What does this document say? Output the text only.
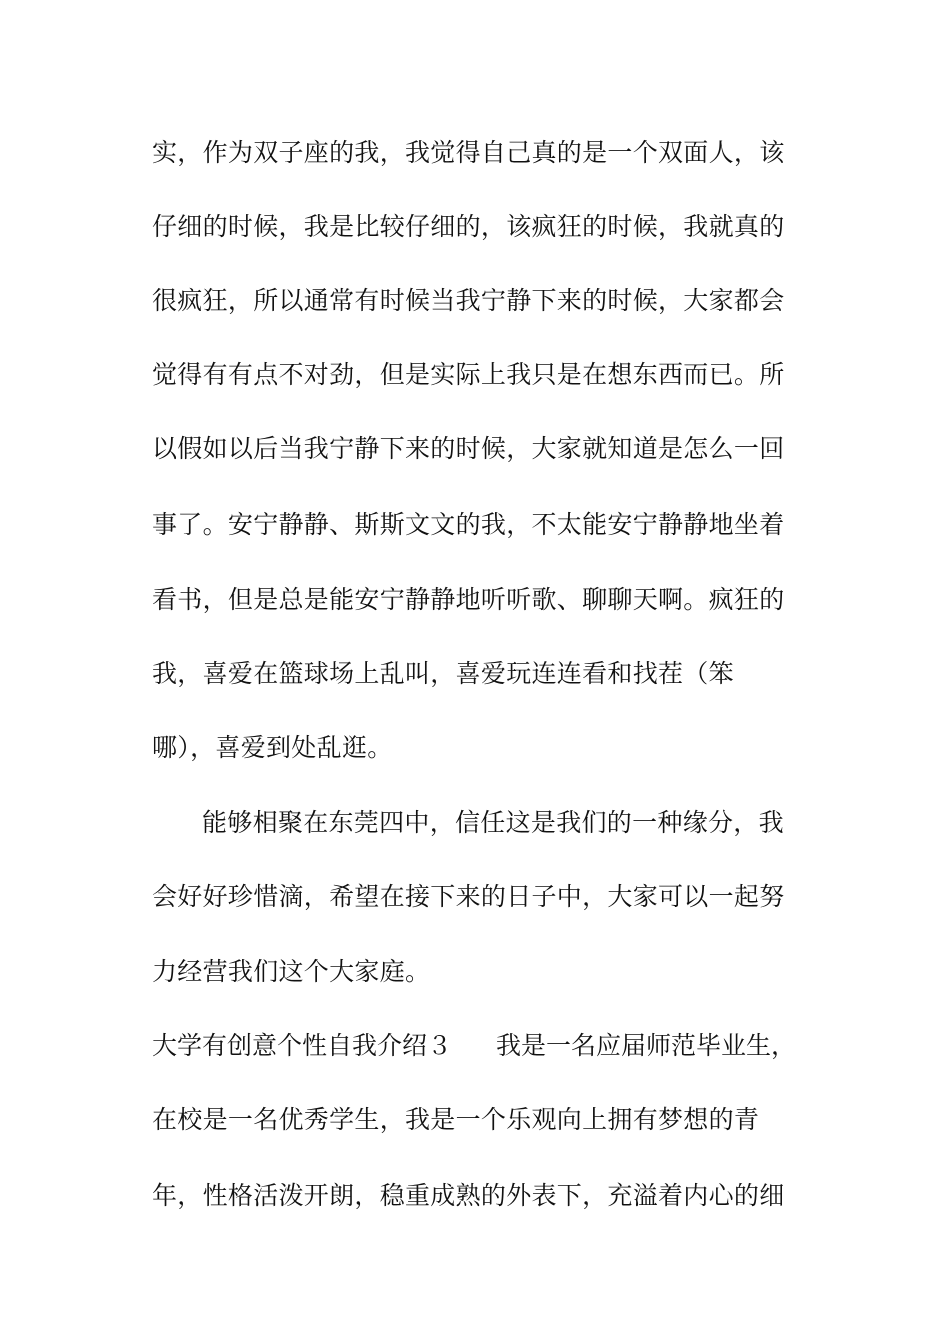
实，作为双子座的我，我觉得自己真的是一个双面人，该
仔细的时候，我是比较仔细的，该疯狂的时候，我就真的
很疯狂，所以通常有时候当我宁静下来的时候，大家都会
觉得有有点不对劲，但是实际上我只是在想东西而已。所
以假如以后当我宁静下来的时候，大家就知道是怎么一回
事了。安宁静静、斯斯文文的我，不太能安宁静静地坐着
看书，但是总是能安宁静静地听听歌、聊聊天啊。疯狂的
我，喜爱在篮球场上乱叫，喜爱玩连连看和找茬（笨
哪），喜爱到处乱逛。
能够相聚在东莞四中，信任这是我们的一种缘分，我
会好好珍惜滴，希望在接下来的日子中，大家可以一起努
力经营我们这个大家庭。
大学有创意个性自我介绍３ 我是一名应届师范毕业生，
在校是一名优秀学生，我是一个乐观向上拥有梦想的青
年，性格活泼开朗，稳重成熟的外表下，充溢着内心的细
